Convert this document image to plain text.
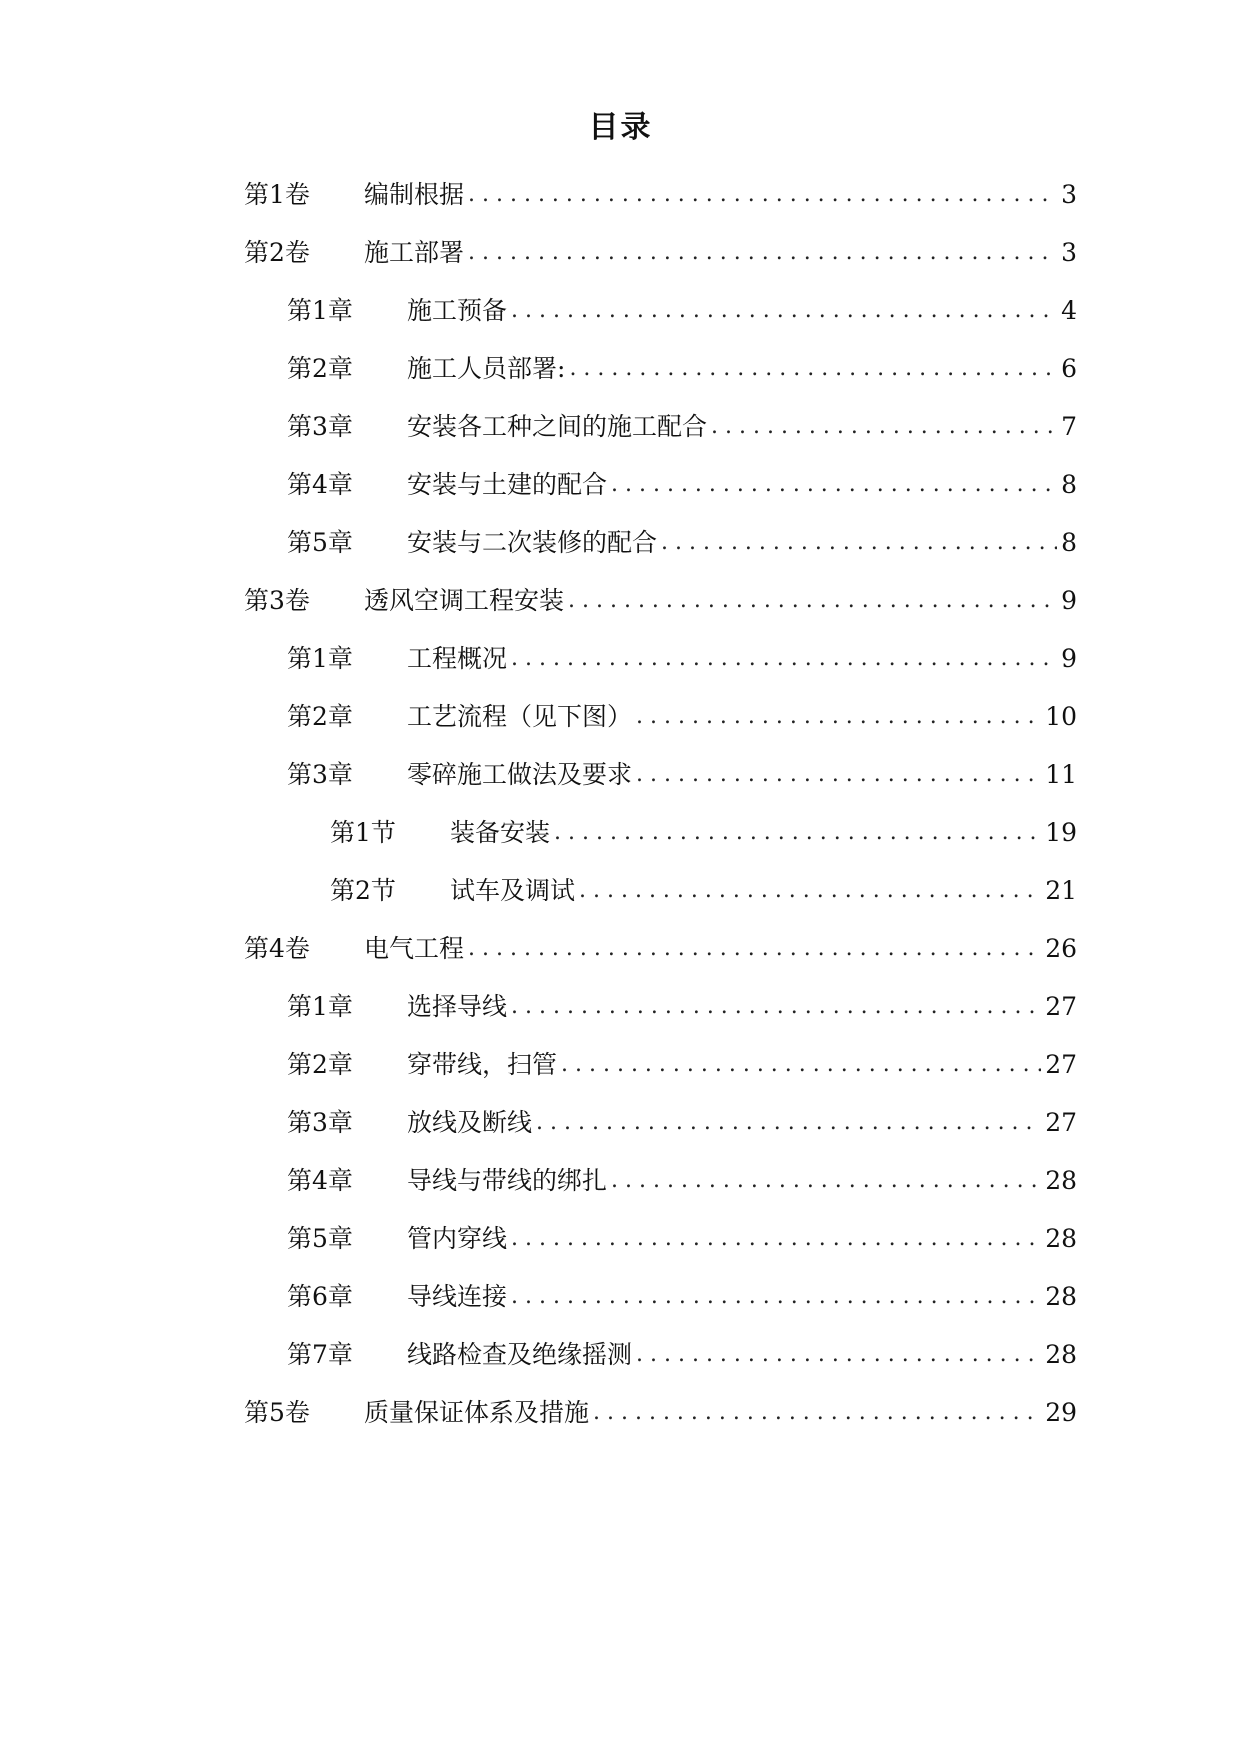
目录
第1卷	编制根据 . . .	3
第2卷	施工部署 . . .	3
第1章	施工预备 . . .	4
第2章	施工人员部署: . . .	6
第3章	安装各工种之间的施工配合 . . .	7
第4章	安装与土建的配合 . . .	8
第5章	安装与二次装修的配合 . . .	8
第3卷	透风空调工程安装 . . .	9
第1章	工程概况 . . .	9
第2章	工艺流程（见下图） . . .	10
第3章	零碎施工做法及要求 . . .	11
第1节	装备安装 . . .	19
第2节	试车及调试 . . .	21
第4卷	电气工程 . . .	26
第1章	选择导线 . . .	27
第2章	穿带线，扫管 . . .	27
第3章	放线及断线 . . .	27
第4章	导线与带线的绑扎 . . .	28
第5章	管内穿线 . . .	28
第6章	导线连接 . . .	28
第7章	线路检查及绝缘摇测 . . .	28
第5卷	质量保证体系及措施 . . .	29
